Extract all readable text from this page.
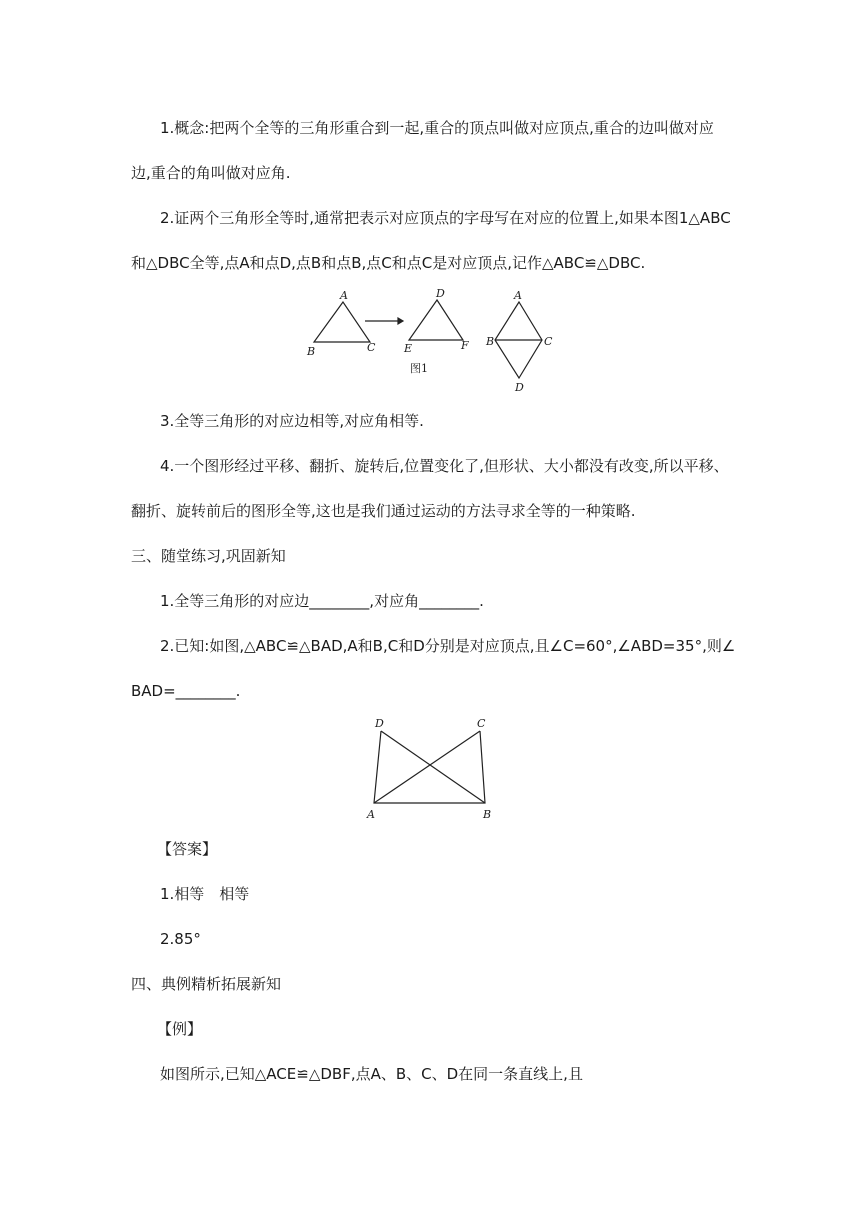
1.概念:把两个全等的三角形重合到一起,重合的顶点叫做对应顶点,重合的边叫做对应
边,重合的角叫做对应角.
2.证两个三角形全等时,通常把表示对应顶点的字母写在对应的位置上,如果本图1△ABC
和△DBC全等,点A和点D,点B和点B,点C和点C是对应顶点,记作△ABC≌△DBC.
A
B	C
D
E	F
图1
A
B	C
D
D	C
A	B
3.全等三角形的对应边相等,对应角相等.
4.一个图形经过平移、翻折、旋转后,位置变化了,但形状、大小都没有改变,所以平移、
翻折、旋转前后的图形全等,这也是我们通过运动的方法寻求全等的一种策略.
三、随堂练习,巩固新知
1.全等三角形的对应边________,对应角________.
2.已知:如图,△ABC≌△BAD,A和B,C和D分别是对应顶点,且∠C=60°,∠ABD=35°,则∠
BAD=________.
【答案】
1.相等　相等
2.85°
四、典例精析拓展新知
【例】
如图所示,已知△ACE≌△DBF,点A、B、C、D在同一条直线上,且
